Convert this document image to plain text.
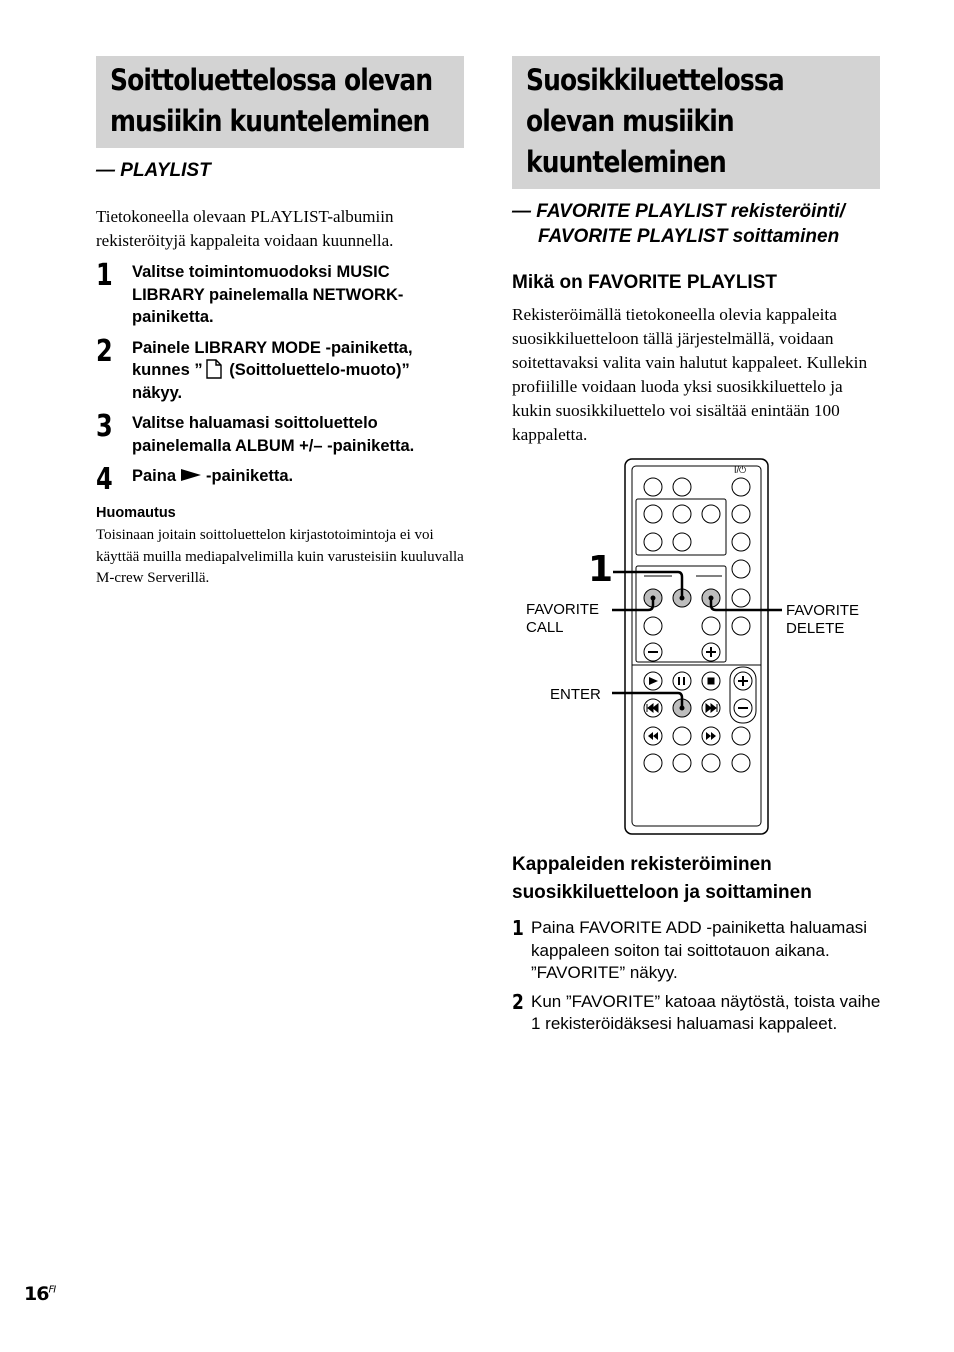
Soittoluettelossa olevan
musiikin kuunteleminen

— PLAYLIST

Tietokoneella olevaan PLAYLIST-albumiin rekisteröityjä kappaleita voidaan kuunnella.

1	Valitse toimintomuodoksi MUSIC LIBRARY painelemalla NETWORK-painiketta.
2	Painele LIBRARY MODE -painiketta, kunnes ” (Soittoluettelo-muoto)” näkyy.
3	Valitse haluamasi soittoluettelo painelemalla ALBUM +/– -painiketta.
4	Paina -painiketta.
Huomautus
Toisinaan joitain soittoluettelon kirjastotoimintoja ei voi käyttää muilla mediapalvelimilla kuin varusteisiin kuuluvalla M-crew Serverillä.
Suosikkiluettelossa
olevan musiikin
kuunteleminen

— FAVORITE PLAYLIST rekisteröinti/
FAVORITE PLAYLIST soittaminen

Mikä on FAVORITE PLAYLIST

Rekisteröimällä tietokoneella olevia kappaleita suosikkiluetteloon tällä järjestelmällä, voidaan soitettavaksi valita vain halutut kappaleet. Kullekin profiilille voidaan luoda yksi suosikkiluettelo ja kukin suosikkiluettelo voi sisältää enintään 100 kappaletta.

I/⏻
1
FAVORITE
CALL
FAVORITE
DELETE
ENTER

Kappaleiden rekisteröiminen

suosikkiluetteloon ja soittaminen

1 Paina FAVORITE ADD -painiketta haluamasi kappaleen soiton tai soittotauon aikana.
”FAVORITE” näkyy.
2 Kun ”FAVORITE” katoaa näytöstä, toista vaihe 1 rekisteröidäksesi haluamasi kappaleet.
$16^{FI}$
